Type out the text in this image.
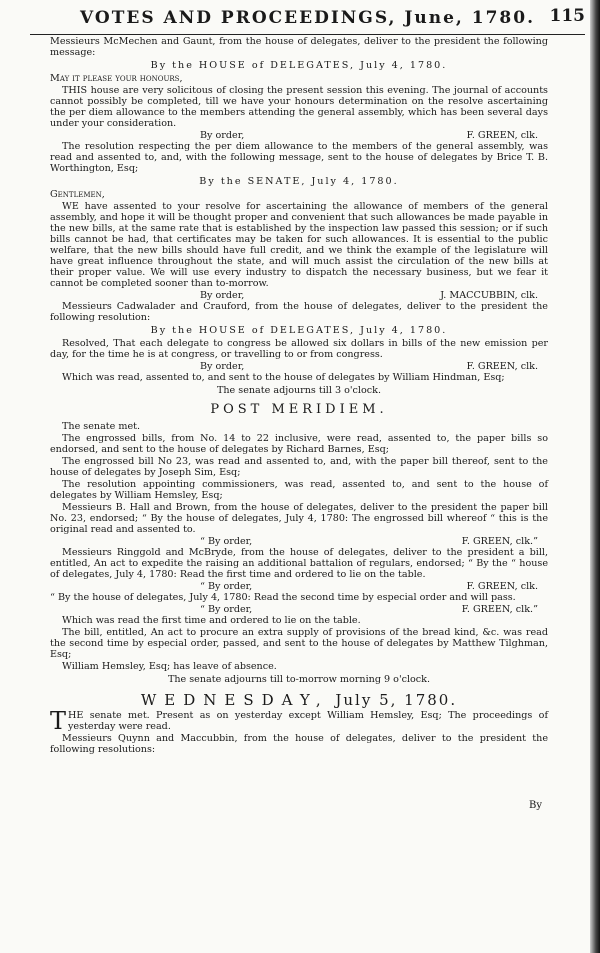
VOTES AND PROCEEDINGS, June, 1780. 115

Messieurs McMechen and Gaunt, from the house of delegates, deliver to the president the following message:

By the HOUSE of DELEGATES, July 4, 1780.

May it please your honours,

THIS house are very solicitous of closing the present session this evening. The journal of accounts cannot possibly be completed, till we have your honours determination on the resolve ascertaining the per diem allowance to the members attending the general assembly, which has been several days under your consideration.

By order,	F. GREEN, clk.

The resolution respecting the per diem allowance to the members of the general assembly, was read and assented to, and, with the following message, sent to the house of delegates by Brice T. B. Worthington, Esq;

By the SENATE, July 4, 1780.

Gentlemen,

WE have assented to your resolve for ascertaining the allowance of members of the general assembly, and hope it will be thought proper and convenient that such allowances be made payable in the new bills, at the same rate that is established by the inspection law passed this session; or if such bills cannot be had, that certificates may be taken for such allowances. It is essential to the public welfare, that the new bills should have full credit, and we think the example of the legislature will have great influence throughout the state, and will much assist the circulation of the new bills at their proper value. We will use every industry to dispatch the necessary business, but we fear it cannot be completed sooner than to-morrow.

By order,	J. MACCUBBIN, clk.

Messieurs Cadwalader and Crauford, from the house of delegates, deliver to the president the following resolution:

By the HOUSE of DELEGATES, July 4, 1780.

Resolved, That each delegate to congress be allowed six dollars in bills of the new emission per day, for the time he is at congress, or travelling to or from congress.

By order,	F. GREEN, clk.

Which was read, assented to, and sent to the house of delegates by William Hindman, Esq;

The senate adjourns till 3 o'clock.

POST MERIDIEM.

The senate met.

The engrossed bills, from No. 14 to 22 inclusive, were read, assented to, the paper bills so endorsed, and sent to the house of delegates by Richard Barnes, Esq;

The engrossed bill No 23, was read and assented to, and, with the paper bill thereof, sent to the house of delegates by Joseph Sim, Esq;

The resolution appointing commissioners, was read, assented to, and sent to the house of delegates by William Hemsley, Esq;

Messieurs B. Hall and Brown, from the house of delegates, deliver to the president the paper bill No. 23, endorsed; “ By the house of delegates, July 4, 1780: The engrossed bill whereof “ this is the original read and assented to.

“ By order,	F. GREEN, clk.”

Messieurs Ringgold and McBryde, from the house of delegates, deliver to the president a bill, entitled, An act to expedite the raising an additional battalion of regulars, endorsed; “ By the “ house of delegates, July 4, 1780: Read the first time and ordered to lie on the table.

“ By order,	F. GREEN, clk.

“ By the house of delegates, July 4, 1780: Read the second time by especial order and will pass.

“ By order,	F. GREEN, clk.”

Which was read the first time and ordered to lie on the table.

The bill, entitled, An act to procure an extra supply of provisions of the bread kind, &c. was read the second time by especial order, passed, and sent to the house of delegates by Matthew Tilghman, Esq;

William Hemsley, Esq; has leave of absence.

The senate adjourns till to-morrow morning 9 o'clock.

WEDNESDAY, July 5, 1780.

THE senate met. Present as on yesterday except William Hemsley, Esq; The proceedings of yesterday were read.

Messieurs Quynn and Maccubbin, from the house of delegates, deliver to the president the following resolutions:

By
